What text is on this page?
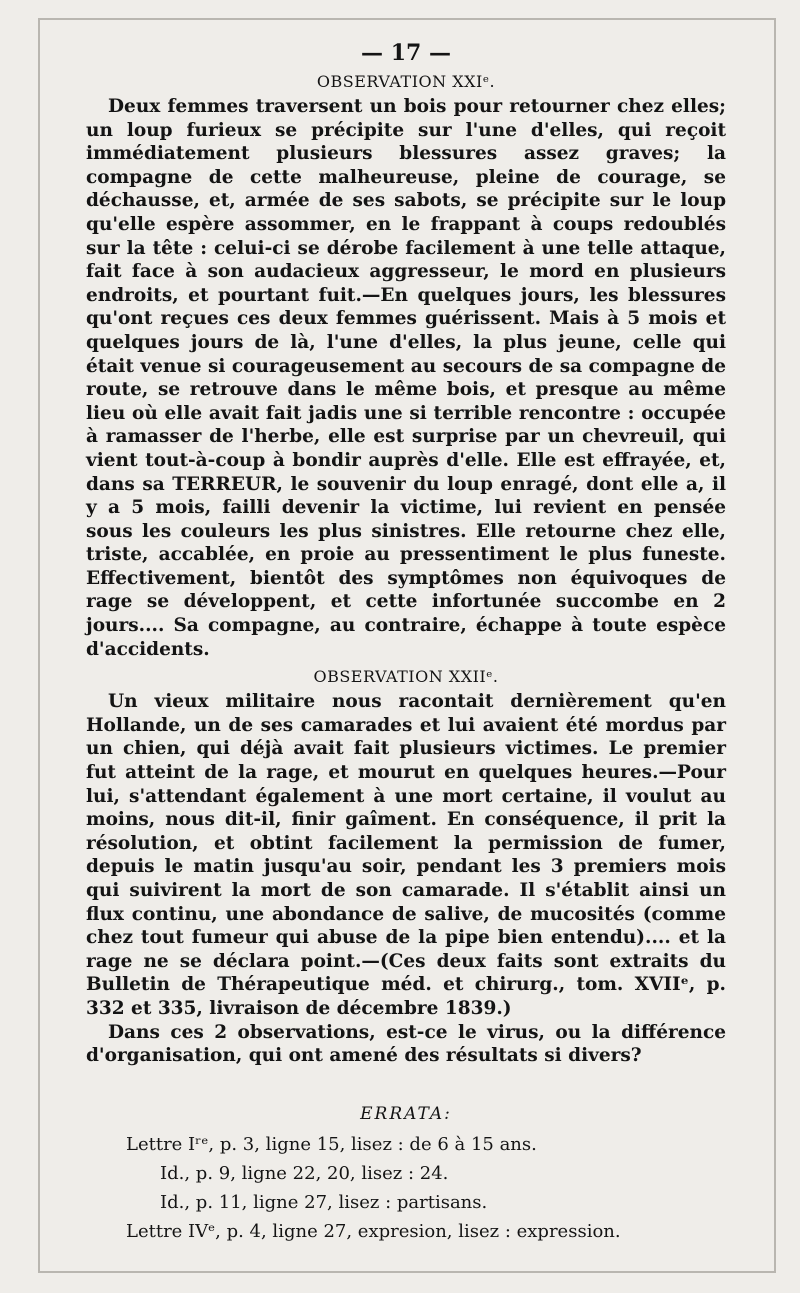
— 17 —
OBSERVATION XXIᵉ.

Deux femmes traversent un bois pour retourner chez elles; un loup furieux se précipite sur l'une d'elles, qui reçoit immédiatement plusieurs blessures assez graves; la compagne de cette malheureuse, pleine de courage, se déchausse, et, armée de ses sabots, se précipite sur le loup qu'elle espère assommer, en le frappant à coups redoublés sur la tête : celui-ci se dérobe facilement à une telle attaque, fait face à son audacieux aggresseur, le mord en plusieurs endroits, et pourtant fuit.—En quelques jours, les blessures qu'ont reçues ces deux femmes guérissent. Mais à 5 mois et quelques jours de là, l'une d'elles, la plus jeune, celle qui était venue si courageusement au secours de sa compagne de route, se retrouve dans le même bois, et presque au même lieu où elle avait fait jadis une si terrible rencontre : occupée à ramasser de l'herbe, elle est surprise par un chevreuil, qui vient tout-à-coup à bondir auprès d'elle. Elle est effrayée, et, dans sa TERREUR, le souvenir du loup enragé, dont elle a, il y a 5 mois, failli devenir la victime, lui revient en pensée sous les couleurs les plus sinistres. Elle retourne chez elle, triste, accablée, en proie au pressentiment le plus funeste. Effectivement, bientôt des symptômes non équivoques de rage se développent, et cette infortunée succombe en 2 jours.... Sa compagne, au contraire, échappe à toute espèce d'accidents.

OBSERVATION XXIIᵉ.

Un vieux militaire nous racontait dernièrement qu'en Hollande, un de ses camarades et lui avaient été mordus par un chien, qui déjà avait fait plusieurs victimes. Le premier fut atteint de la rage, et mourut en quelques heures.—Pour lui, s'attendant également à une mort certaine, il voulut au moins, nous dit-il, finir gaîment. En conséquence, il prit la résolution, et obtint facilement la permission de fumer, depuis le matin jusqu'au soir, pendant les 3 premiers mois qui suivirent la mort de son camarade. Il s'établit ainsi un flux continu, une abondance de salive, de mucosités (comme chez tout fumeur qui abuse de la pipe bien entendu).... et la rage ne se déclara point.—(Ces deux faits sont extraits du Bulletin de Thérapeutique méd. et chirurg., tom. XVIIᵉ, p. 332 et 335, livraison de décembre 1839.)

Dans ces 2 observations, est-ce le virus, ou la différence d'organisation, qui ont amené des résultats si divers?

ERRATA:
Lettre Iʳᵉ, p. 3, ligne 15, lisez : de 6 à 15 ans.
Id., p. 9, ligne 22, 20, lisez : 24.
Id., p. 11, ligne 27, lisez : partisans.
Lettre IVᵉ, p. 4, ligne 27, expresion, lisez : expression.
